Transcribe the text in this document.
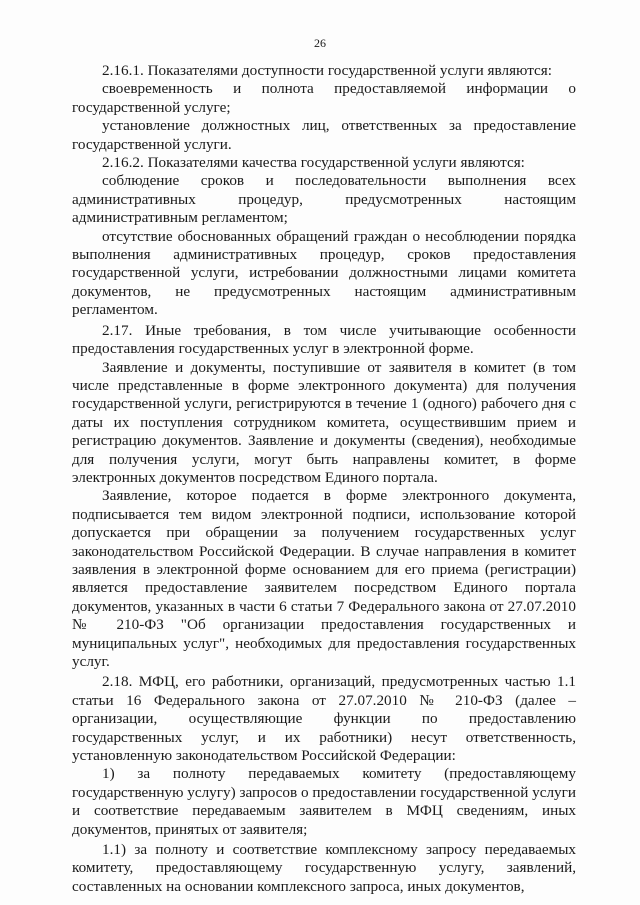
26

2.16.1. Показателями доступности государственной услуги являются:

своевременность и полнота предоставляемой информации о государственной услуге;

установление должностных лиц, ответственных за предоставление государственной услуги.

2.16.2. Показателями качества государственной услуги являются:

соблюдение сроков и последовательности выполнения всех административных процедур, предусмотренных настоящим административным регламентом;

отсутствие обоснованных обращений граждан о несоблюдении порядка выполнения административных процедур, сроков предоставления государственной услуги, истребовании должностными лицами комитета документов, не предусмотренных настоящим административным регламентом.

2.17. Иные требования, в том числе учитывающие особенности предоставления государственных услуг в электронной форме.

Заявление и документы, поступившие от заявителя в комитет (в том числе представленные в форме электронного документа) для получения государственной услуги, регистрируются в течение 1 (одного) рабочего дня с даты их поступления сотрудником комитета, осуществившим прием и регистрацию документов. Заявление и документы (сведения), необходимые для получения услуги, могут быть направлены комитет, в форме электронных документов посредством Единого портала.

Заявление, которое подается в форме электронного документа, подписывается тем видом электронной подписи, использование которой допускается при обращении за получением государственных услуг законодательством Российской Федерации. В случае направления в комитет заявления в электронной форме основанием для его приема (регистрации) является предоставление заявителем посредством Единого портала документов, указанных в части 6 статьи 7 Федерального закона от 27.07.2010 № 210-ФЗ "Об организации предоставления государственных и муниципальных услуг", необходимых для предоставления государственных услуг.

2.18. МФЦ, его работники, организаций, предусмотренных частью 1.1 статьи 16 Федерального закона от 27.07.2010 № 210-ФЗ (далее – организации, осуществляющие функции по предоставлению государственных услуг, и их работники) несут ответственность, установленную законодательством Российской Федерации:

1) за полноту передаваемых комитету (предоставляющему государственную услугу) запросов о предоставлении государственной услуги и соответствие передаваемым заявителем в МФЦ сведениям, иных документов, принятых от заявителя;

1.1) за полноту и соответствие комплексному запросу передаваемых комитету, предоставляющему государственную услугу, заявлений, составленных на основании комплексного запроса, иных документов,
